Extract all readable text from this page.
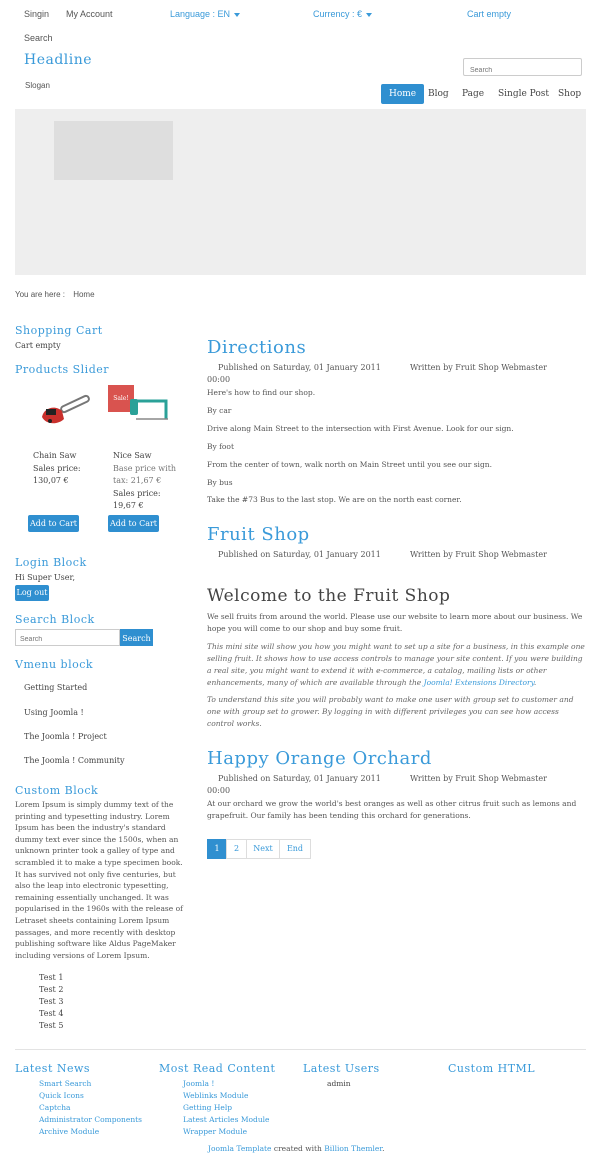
Singin My Account	Language : EN	Currency : €	Cart empty
Search
Headline
Slogan
Search
Home	Blog Page Single Post Shop
You are here : Home
Shopping Cart
Cart empty
Products Slider
Sale!
Chain Saw
Sales price:
130,07 €
Nice Saw
Base price with tax: 21,67 €
Sales price:
19,67 €
Add to Cart	Add to Cart
Login Block
Hi Super User,
Log out
Search Block
Search
Search
Vmenu block
Getting Started
Using Joomla !
The Joomla ! Project
The Joomla ! Community
Custom Block
Lorem Ipsum is simply dummy text of the printing and typesetting industry. Lorem Ipsum has been the industry's standard dummy text ever since the 1500s, when an unknown printer took a galley of type and scrambled it to make a type specimen book. It has survived not only five centuries, but also the leap into electronic typesetting, remaining essentially unchanged. It was popularised in the 1960s with the release of Letraset sheets containing Lorem Ipsum passages, and more recently with desktop publishing software like Aldus PageMaker including versions of Lorem Ipsum.
Test 1
Test 2
Test 3
Test 4
Test 5
Directions
Published on Saturday, 01 January 2011	Written by Fruit Shop Webmaster
00:00
Here's how to find our shop.
By car
Drive along Main Street to the intersection with First Avenue. Look for our sign.
By foot
From the center of town, walk north on Main Street until you see our sign.
By bus
Take the #73 Bus to the last stop. We are on the north east corner.
Fruit Shop
Published on Saturday, 01 January 2011	Written by Fruit Shop Webmaster
Welcome to the Fruit Shop
We sell fruits from around the world. Please use our website to learn more about our business. We hope you will come to our shop and buy some fruit.
This mini site will show you how you might want to set up a site for a business, in this example one selling fruit. It shows how to use access controls to manage your site content. If you were building a real site, you might want to extend it with e-commerce, a catalog, mailing lists or other enhancements, many of which are available through the Joomla! Extensions Directory.
To understand this site you will probably want to make one user with group set to customer and one with group set to grower. By logging in with different privileges you can see how access control works.
Happy Orange Orchard
Published on Saturday, 01 January 2011	Written by Fruit Shop Webmaster
00:00
At our orchard we grow the world's best oranges as well as other citrus fruit such as lemons and grapefruit. Our family has been tending this orchard for generations.
1	2	Next	End
Latest News
Smart Search
Quick Icons
Captcha
Administrator Components
Archive Module
Most Read Content
Joomla !
Weblinks Module
Getting Help
Latest Articles Module
Wrapper Module
Latest Users
admin
Custom HTML
Joomla Template created with Billion Themler.
